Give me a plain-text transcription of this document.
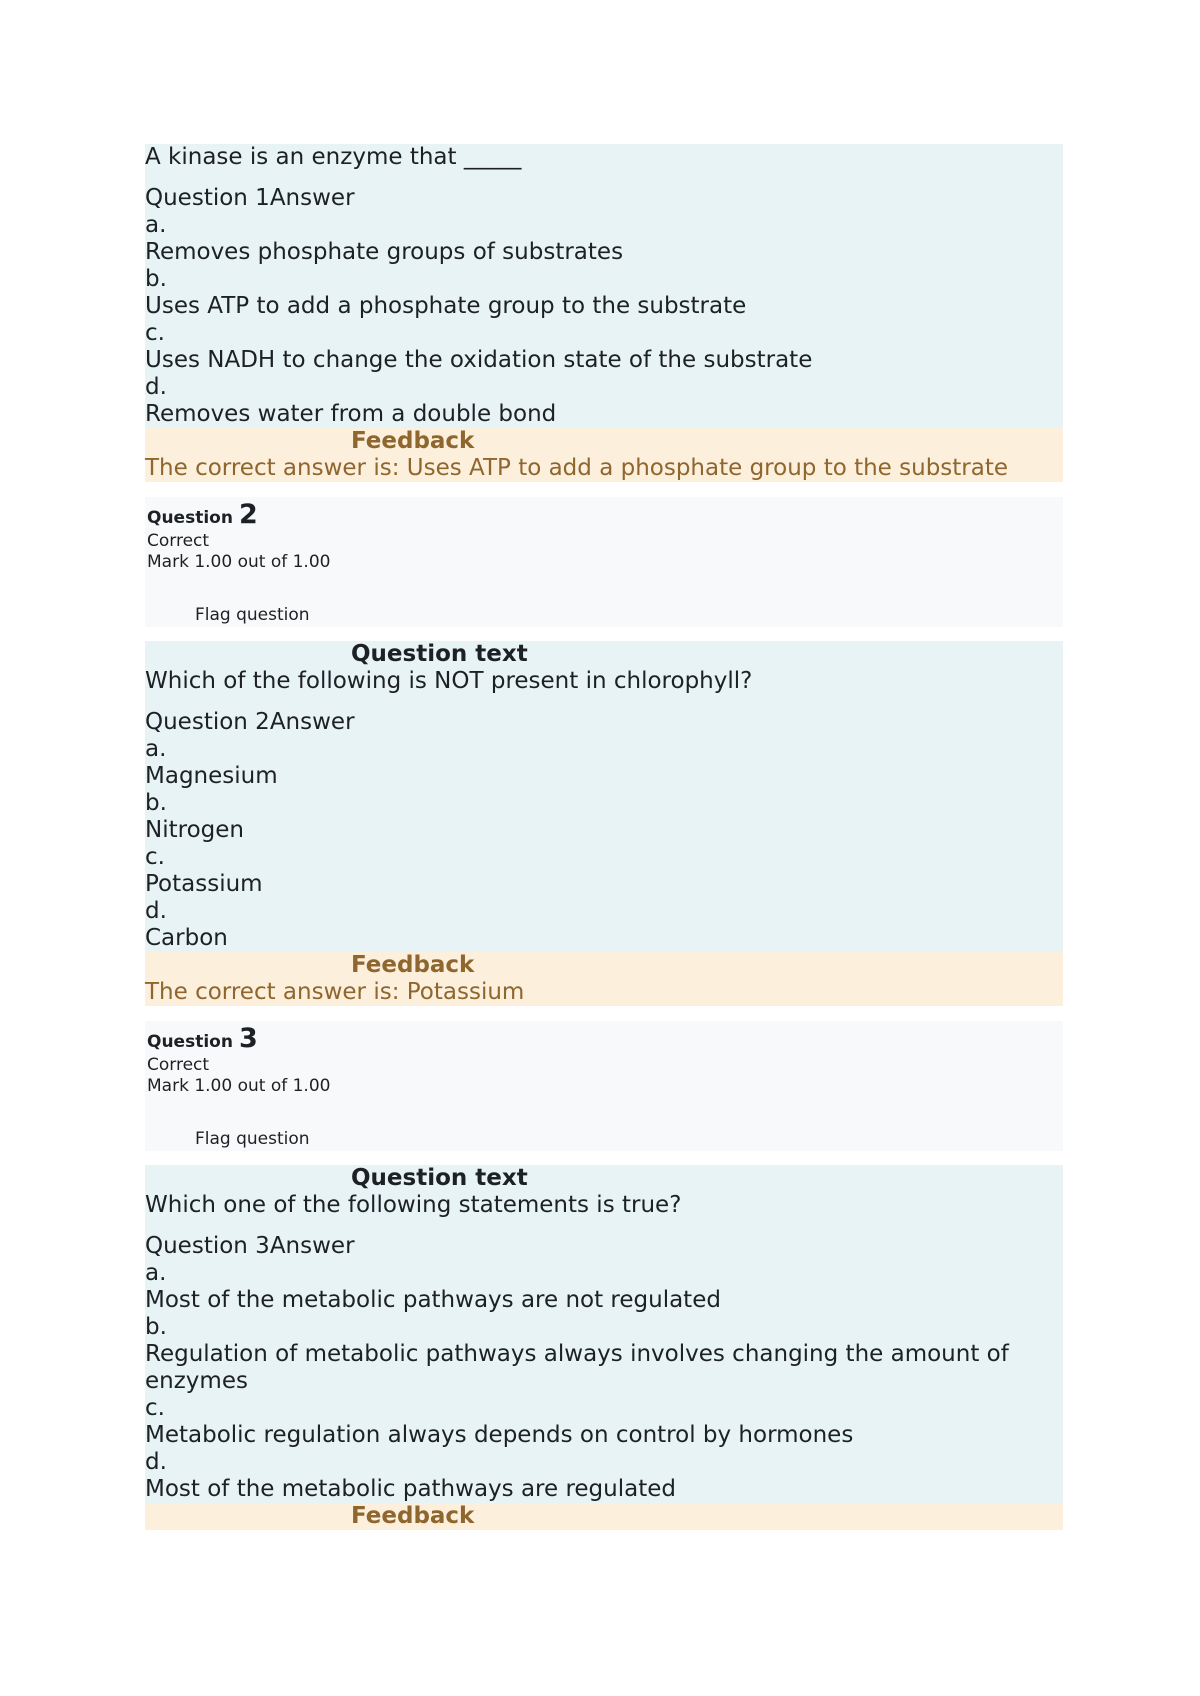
A kinase is an enzyme that _____
Question 1Answer
a.
Removes phosphate groups of substrates
b.
Uses ATP to add a phosphate group to the substrate
c.
Uses NADH to change the oxidation state of the substrate
d.
Removes water from a double bond
Feedback
The correct answer is: Uses ATP to add a phosphate group to the substrate
Question 2
Correct
Mark 1.00 out of 1.00
Flag question
Question text
Which of the following is NOT present in chlorophyll?
Question 2Answer
a.
Magnesium
b.
Nitrogen
c.
Potassium
d.
Carbon
Feedback
The correct answer is: Potassium
Question 3
Correct
Mark 1.00 out of 1.00
Flag question
Question text
Which one of the following statements is true?
Question 3Answer
a.
Most of the metabolic pathways are not regulated
b.
Regulation of metabolic pathways always involves changing the amount of enzymes
c.
Metabolic regulation always depends on control by hormones
d.
Most of the metabolic pathways are regulated
Feedback
